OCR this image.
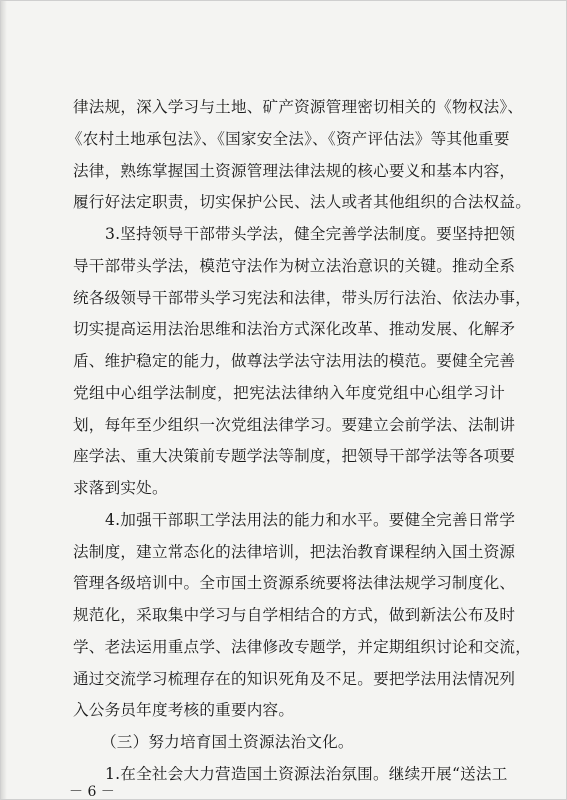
律法规，深入学习与土地、矿产资源管理密切相关的《物权法》、
《农村土地承包法》、《国家安全法》、《资产评估法》等其他重要
法律，熟练掌握国土资源管理法律法规的核心要义和基本内容，
履行好法定职责，切实保护公民、法人或者其他组织的合法权益。
3.坚持领导干部带头学法，健全完善学法制度。要坚持把领
导干部带头学法，模范守法作为树立法治意识的关键。推动全系
统各级领导干部带头学习宪法和法律，带头厉行法治、依法办事，
切实提高运用法治思维和法治方式深化改革、推动发展、化解矛
盾、维护稳定的能力，做尊法学法守法用法的模范。要健全完善
党组中心组学法制度，把宪法法律纳入年度党组中心组学习计
划，每年至少组织一次党组法律学习。要建立会前学法、法制讲
座学法、重大决策前专题学法等制度，把领导干部学法等各项要
求落到实处。
4.加强干部职工学法用法的能力和水平。要健全完善日常学
法制度，建立常态化的法律培训，把法治教育课程纳入国土资源
管理各级培训中。全市国土资源系统要将法律法规学习制度化、
规范化，采取集中学习与自学相结合的方式，做到新法公布及时
学、老法运用重点学、法律修改专题学，并定期组织讨论和交流，
通过交流学习梳理存在的知识死角及不足。要把学法用法情况列
入公务员年度考核的重要内容。
（三）努力培育国土资源法治文化。
1.在全社会大力营造国土资源法治氛围。继续开展“送法工
－ 6 －
